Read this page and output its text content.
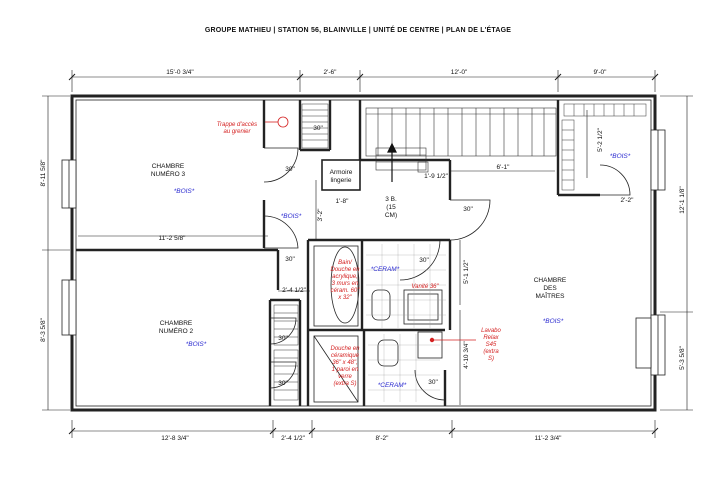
GROUPE MATHIEU | STATION 56, BLAINVILLE | UNITÉ DE CENTRE | PLAN DE L'ÉTAGE
15'-0 3/4"	2'-6"	12'-0"	9'-0"
12'-8 3/4"	2'-4 1/2"	8'-2"	11'-2 3/4"
8'-11 5/8"
8'-3 5/8"
12'-1 1/8"
5'-3 5/8"
11'-2 5/8"
2'-4 1/2"
3'-2"
6'-1"
5'-2 1/2"
2'-2"
5'-1 1/2"
4'-10 3/4"
1'-8"
1'-9 1/2"
30"
30"
30"
30"
30"
30"
30"
30"
CHAMBRE NUMÉRO 3
CHAMBRE NUMÉRO 2
CHAMBRE DES MAÎTRES
3 B. (15 CM)
Armoire lingerie
*BOIS*
*BOIS*
*BOIS*
*BOIS*
*BOIS*
*CERAM*
*CERAM*
Trappe d'accès au grenier
Bain/ Douche en acrylique, 3 murs en céram. 60" x 32"
Douche en céramique 36" x 48", 1 paroi en verre (extra S)
Vanité 36"
Lavabo Relax S45 (extra S)
